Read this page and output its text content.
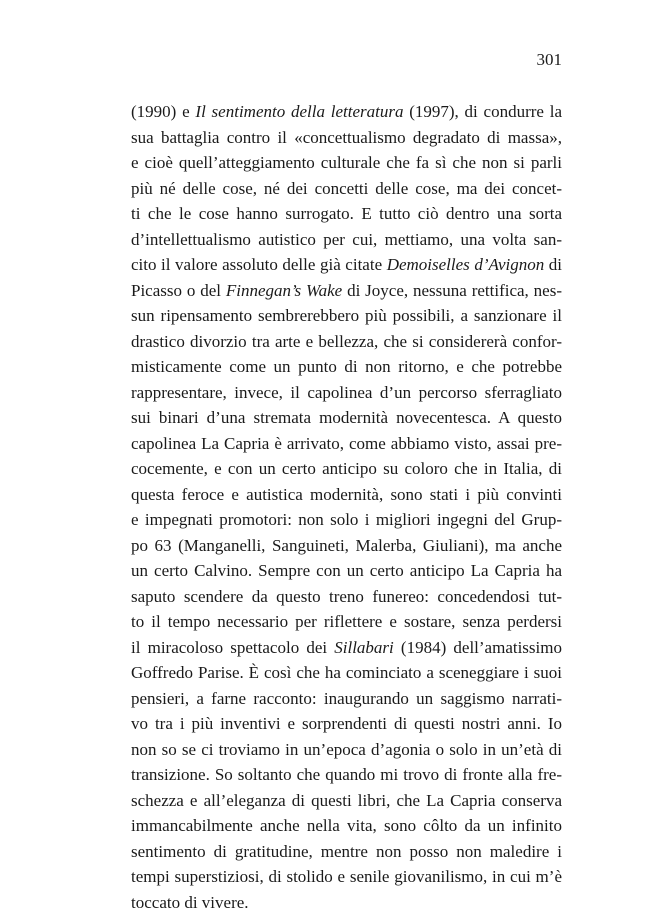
301
(1990) e Il sentimento della letteratura (1997), di condurre la
sua battaglia contro il «concettualismo degradato di massa»,
e cioè quell’atteggiamento culturale che fa sì che non si parli
più né delle cose, né dei concetti delle cose, ma dei concet-
ti che le cose hanno surrogato. E tutto ciò dentro una sorta
d’intellettualismo autistico per cui, mettiamo, una volta san-
cito il valore assoluto delle già citate Demoiselles d’Avignon di
Picasso o del Finnegan’s Wake di Joyce, nessuna rettifica, nes-
sun ripensamento sembrerebbero più possibili, a sanzionare il
drastico divorzio tra arte e bellezza, che si considererà confor-
misticamente come un punto di non ritorno, e che potrebbe
rappresentare, invece, il capolinea d’un percorso sferragliato
sui binari d’una stremata modernità novecentesca. A questo
capolinea La Capria è arrivato, come abbiamo visto, assai pre-
cocemente, e con un certo anticipo su coloro che in Italia, di
questa feroce e autistica modernità, sono stati i più convinti
e impegnati promotori: non solo i migliori ingegni del Grup-
po 63 (Manganelli, Sanguineti, Malerba, Giuliani), ma anche
un certo Calvino. Sempre con un certo anticipo La Capria ha
saputo scendere da questo treno funereo: concedendosi tut-
to il tempo necessario per riflettere e sostare, senza perdersi
il miracoloso spettacolo dei Sillabari (1984) dell’amatissimo
Goffredo Parise. È così che ha cominciato a sceneggiare i suoi
pensieri, a farne racconto: inaugurando un saggismo narrati-
vo tra i più inventivi e sorprendenti di questi nostri anni. Io
non so se ci troviamo in un’epoca d’agonia o solo in un’età di
transizione. So soltanto che quando mi trovo di fronte alla fre-
schezza e all’eleganza di questi libri, che La Capria conserva
immancabilmente anche nella vita, sono côlto da un infinito
sentimento di gratitudine, mentre non posso non maledire i
tempi superstiziosi, di stolido e senile giovanilismo, in cui m’è
toccato di vivere.
